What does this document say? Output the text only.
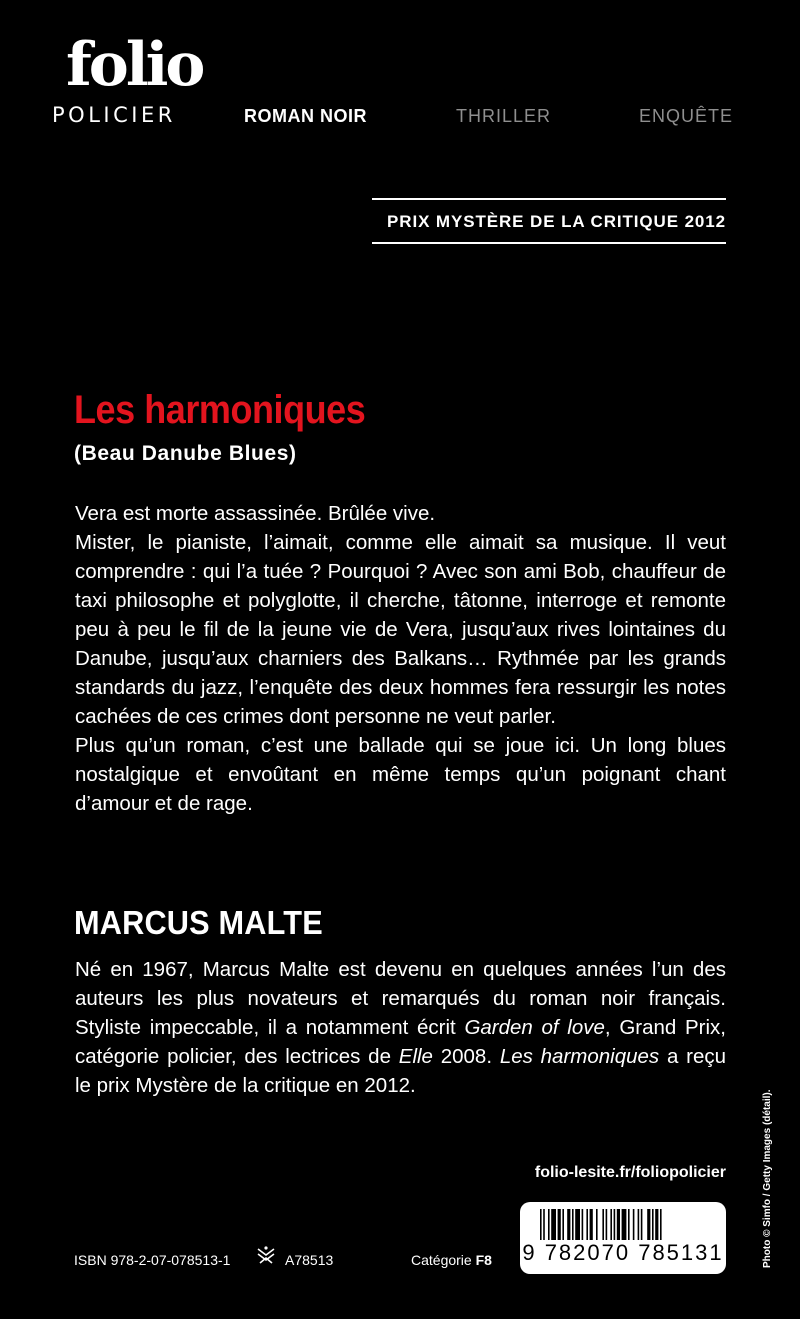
folio
POLICIER	ROMAN NOIR	THRILLER	ENQUÊTE
PRIX MYSTÈRE DE LA CRITIQUE 2012
Les harmoniques
(Beau Danube Blues)

Vera est morte assassinée. Brûlée vive.

Mister, le pianiste, l’aimait, comme elle aimait sa musique. Il veut comprendre : qui l’a tuée ? Pourquoi ? Avec son ami Bob, chauffeur de taxi philosophe et polyglotte, il cherche, tâtonne, interroge et remonte peu à peu le fil de la jeune vie de Vera, jusqu’aux rives lointaines du Danube, jusqu’aux charniers des Balkans… Rythmée par les grands standards du jazz, l’enquête des deux hommes fera ressurgir les notes cachées de ces crimes dont personne ne veut parler.

Plus qu’un roman, c’est une ballade qui se joue ici. Un long blues nostalgique et envoûtant en même temps qu’un poignant chant d’amour et de rage.

MARCUS MALTE

Né en 1967, Marcus Malte est devenu en quelques années l’un des auteurs les plus novateurs et remarqués du roman noir français. Styliste impeccable, il a notamment écrit Garden of love, Grand Prix, catégorie policier, des lectrices de Elle 2008. Les harmoniques a reçu le prix Mystère de la critique en 2012.

folio-lesite.fr/foliopolicier
9 782070 785131
ISBN 978-2-07-078513-1	A78513	Catégorie F8	Photo © Simfo / Getty Images (détail).
